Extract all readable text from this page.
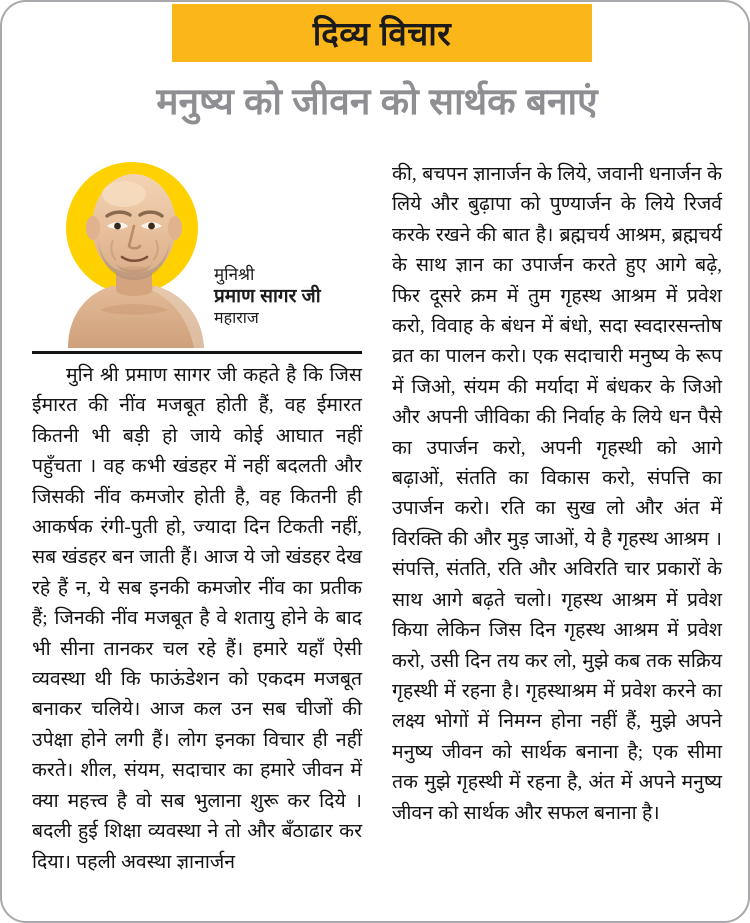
दिव्य विचार
मनुष्य को जीवन को सार्थक बनाएं
मुनिश्री
प्रमाण सागर जी
महाराज

मुनि श्री प्रमाण सागर जी कहते है कि जिस ईमारत की नींव मजबूत होती हैं, वह ईमारत कितनी भी बड़ी हो जाये कोई आघात नहीं पहुँचता । वह कभी खंडहर में नहीं बदलती और जिसकी नींव कमजोर होती है, वह कितनी ही आकर्षक रंगी-पुती हो, ज्यादा दिन टिकती नहीं, सब खंडहर बन जाती हैं। आज ये जो खंडहर देख रहे हैं न, ये सब इनकी कमजोर नींव का प्रतीक हैं; जिनकी नींव मजबूत है वे शतायु होने के बाद भी सीना तानकर चल रहे हैं। हमारे यहाँ ऐसी व्यवस्था थी कि फाऊंडेशन को एकदम मजबूत बनाकर चलिये। आज कल उन सब चीजों की उपेक्षा होने लगी हैं। लोग इनका विचार ही नहीं करते। शील, संयम, सदाचार का हमारे जीवन में क्या महत्त्व है वो सब भुलाना शुरू कर दिये । बदली हुई शिक्षा व्यवस्था ने तो और बँठाढार कर दिया। पहली अवस्था ज्ञानार्जन

की, बचपन ज्ञानार्जन के लिये, जवानी धनार्जन के लिये और बुढ़ापा को पुण्यार्जन के लिये रिजर्व करके रखने की बात है। ब्रह्मचर्य आश्रम, ब्रह्मचर्य के साथ ज्ञान का उपार्जन करते हुए आगे बढ़े, फिर दूसरे क्रम में तुम गृहस्थ आश्रम में प्रवेश करो, विवाह के बंधन में बंधो, सदा स्वदारसन्तोष व्रत का पालन करो। एक सदाचारी मनुष्य के रूप में जिओ, संयम की मर्यादा में बंधकर के जिओ और अपनी जीविका की निर्वाह के लिये धन पैसे का उपार्जन करो, अपनी गृहस्थी को आगे बढ़ाओं, संतति का विकास करो, संपत्ति का उपार्जन करो। रति का सुख लो और अंत में विरक्ति की और मुड़ जाओं, ये है गृहस्थ आश्रम । संपत्ति, संतति, रति और अविरति चार प्रकारों के साथ आगे बढ़ते चलो। गृहस्थ आश्रम में प्रवेश किया लेकिन जिस दिन गृहस्थ आश्रम में प्रवेश करो, उसी दिन तय कर लो, मुझे कब तक सक्रिय गृहस्थी में रहना है। गृहस्थाश्रम में प्रवेश करने का लक्ष्य भोगों में निमग्न होना नहीं हैं, मुझे अपने मनुष्य जीवन को सार्थक बनाना है; एक सीमा तक मुझे गृहस्थी में रहना है, अंत में अपने मनुष्य जीवन को सार्थक और सफल बनाना है।
